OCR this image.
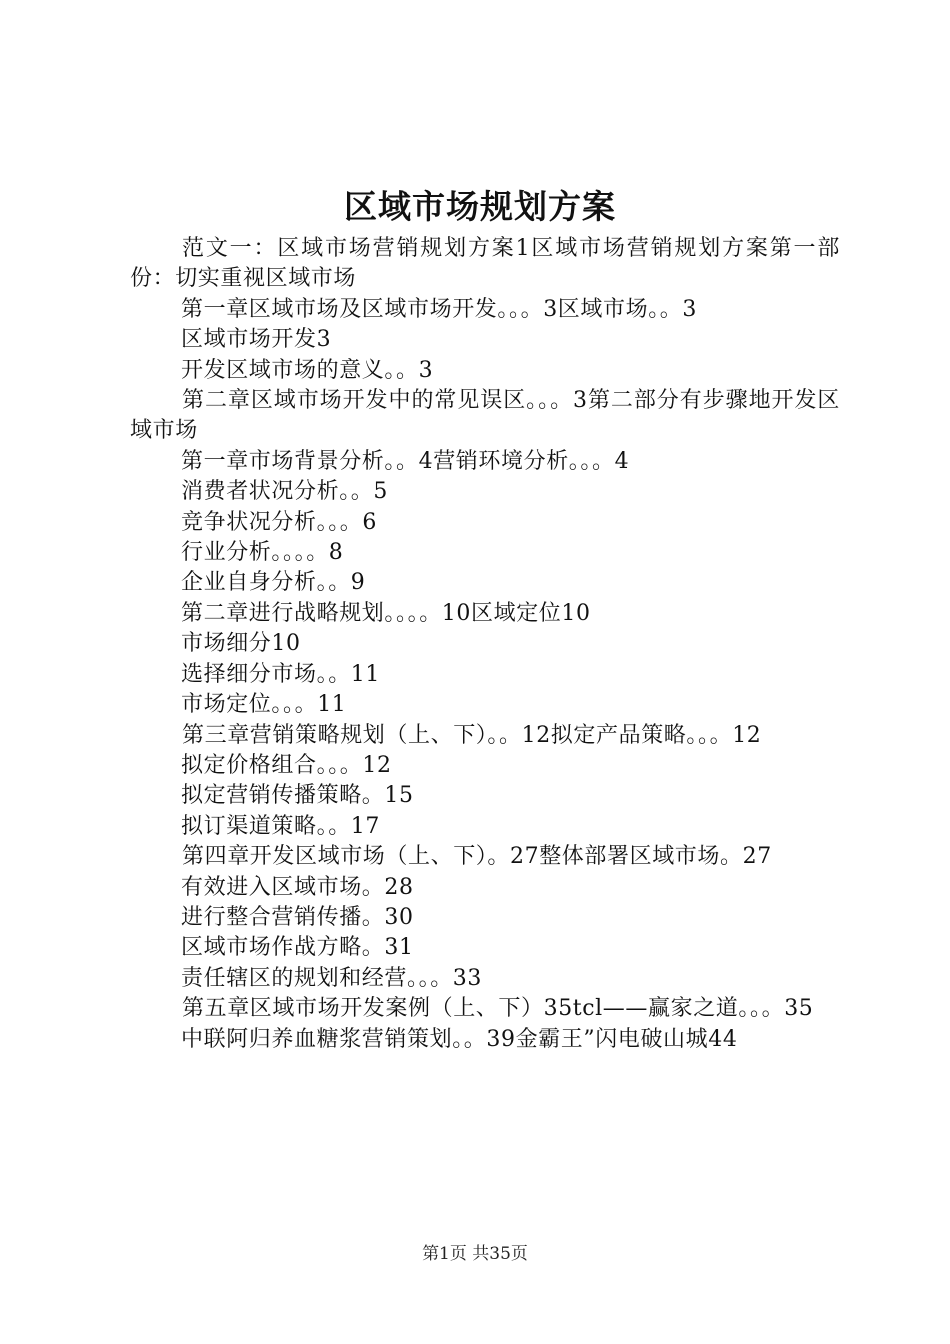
区域市场规划方案

范文一：区域市场营销规划方案1区域市场营销规划方案第一部份：切实重视区域市场

第一章区域市场及区域市场开发。。。3区域市场。。3

区域市场开发3

开发区域市场的意义。。3

第二章区域市场开发中的常见误区。。。3第二部分有步骤地开发区域市场

第一章市场背景分析。。4营销环境分析。。。4

消费者状况分析。。5

竞争状况分析。。。6

行业分析。。。。8

企业自身分析。。9

第二章进行战略规划。。。。10区域定位10

市场细分10

选择细分市场。。11

市场定位。。。11

第三章营销策略规划（上、下）。。12拟定产品策略。。。12

拟定价格组合。。。12

拟定营销传播策略。15

拟订渠道策略。。17

第四章开发区域市场（上、下）。27整体部署区域市场。27

有效进入区域市场。28

进行整合营销传播。30

区域市场作战方略。31

责任辖区的规划和经营。。。33

第五章区域市场开发案例（上、下）35tcl——赢家之道。。。35

中联阿归养血糖浆营销策划。。39金霸王”闪电破山城44

第1页 共35页
